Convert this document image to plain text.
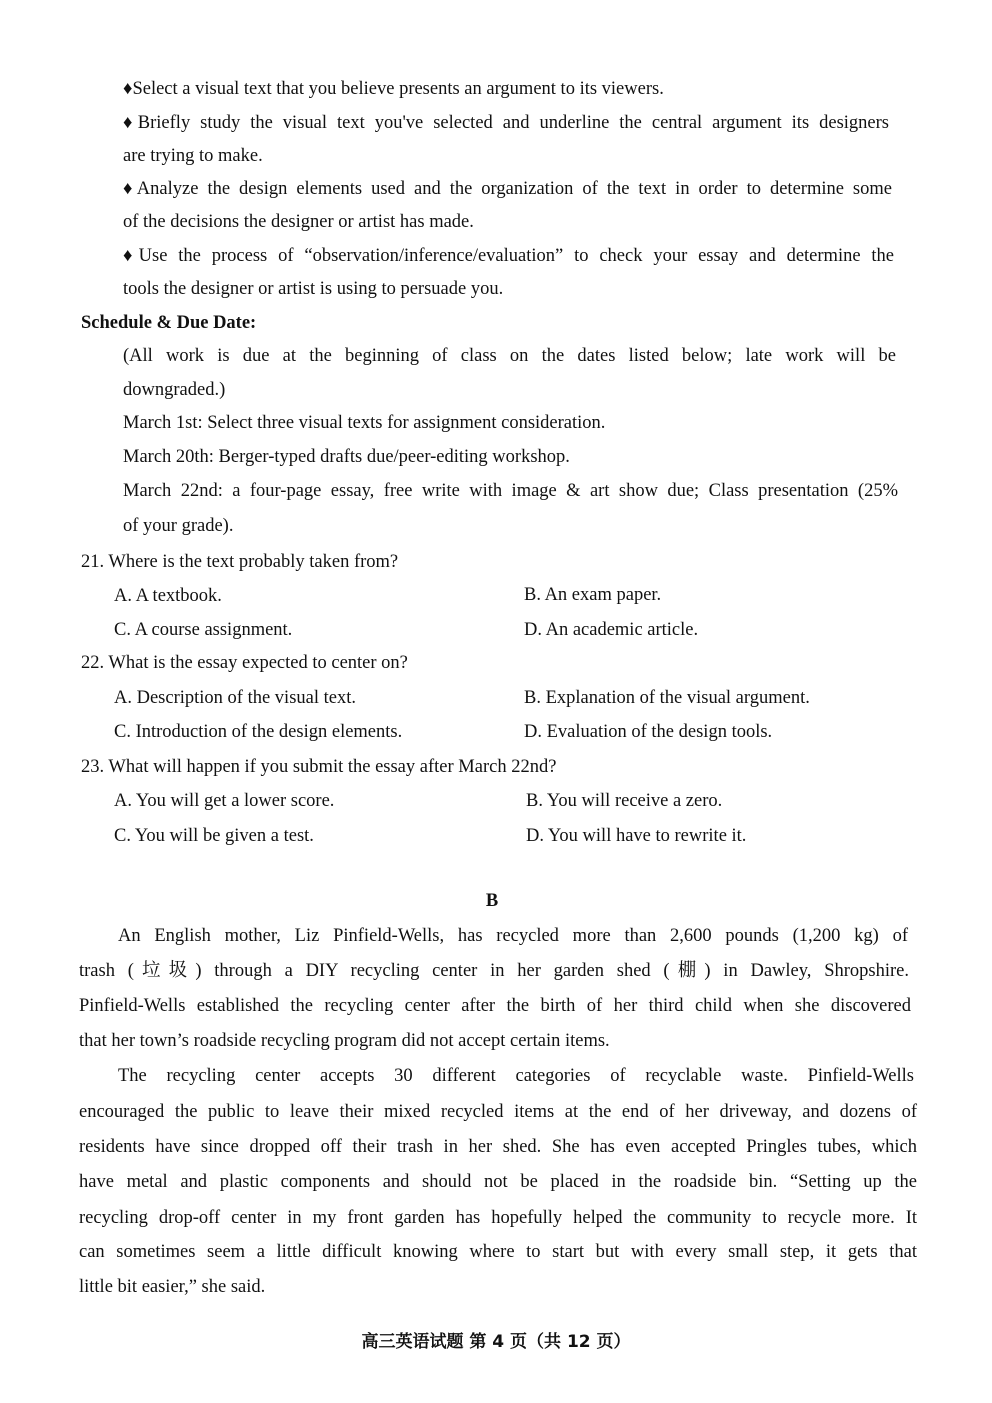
♦Select a visual text that you believe presents an argument to its viewers.
♦Briefly study the visual text you've selected and underline the central argument its designers
are trying to make.
♦Analyze the design elements used and the organization of the text in order to determine some
of the decisions the designer or artist has made.
♦Use the process of “observation/inference/evaluation” to check your essay and determine the
tools the designer or artist is using to persuade you.
Schedule & Due Date:
(All work is due at the beginning of class on the dates listed below; late work will be
downgraded.)
March 1st: Select three visual texts for assignment consideration.
March 20th: Berger-typed drafts due/peer-editing workshop.
March 22nd: a four-page essay, free write with image & art show due; Class presentation (25%
of your grade).
21. Where is the text probably taken from?
A. A textbook.	B. An exam paper.
C. A course assignment.	D. An academic article.
22. What is the essay expected to center on?
A. Description of the visual text.	B. Explanation of the visual argument.
C. Introduction of the design elements.	D. Evaluation of the design tools.
23. What will happen if you submit the essay after March 22nd?
A. You will get a lower score.	B. You will receive a zero.
C. You will be given a test.	D. You will have to rewrite it.
B
An English mother, Liz Pinfield-Wells, has recycled more than 2,600 pounds (1,200 kg) of
trash (垃圾) through a DIY recycling center in her garden shed (棚) in Dawley, Shropshire.
Pinfield-Wells established the recycling center after the birth of her third child when she discovered
that her town’s roadside recycling program did not accept certain items.
The recycling center accepts 30 different categories of recyclable waste. Pinfield-Wells
encouraged the public to leave their mixed recycled items at the end of her driveway, and dozens of
residents have since dropped off their trash in her shed. She has even accepted Pringles tubes, which
have metal and plastic components and should not be placed in the roadside bin. “Setting up the
recycling drop-off center in my front garden has hopefully helped the community to recycle more. It
can sometimes seem a little difficult knowing where to start but with every small step, it gets that
little bit easier,” she said.
高三英语试题 第 4 页（共 12 页）
